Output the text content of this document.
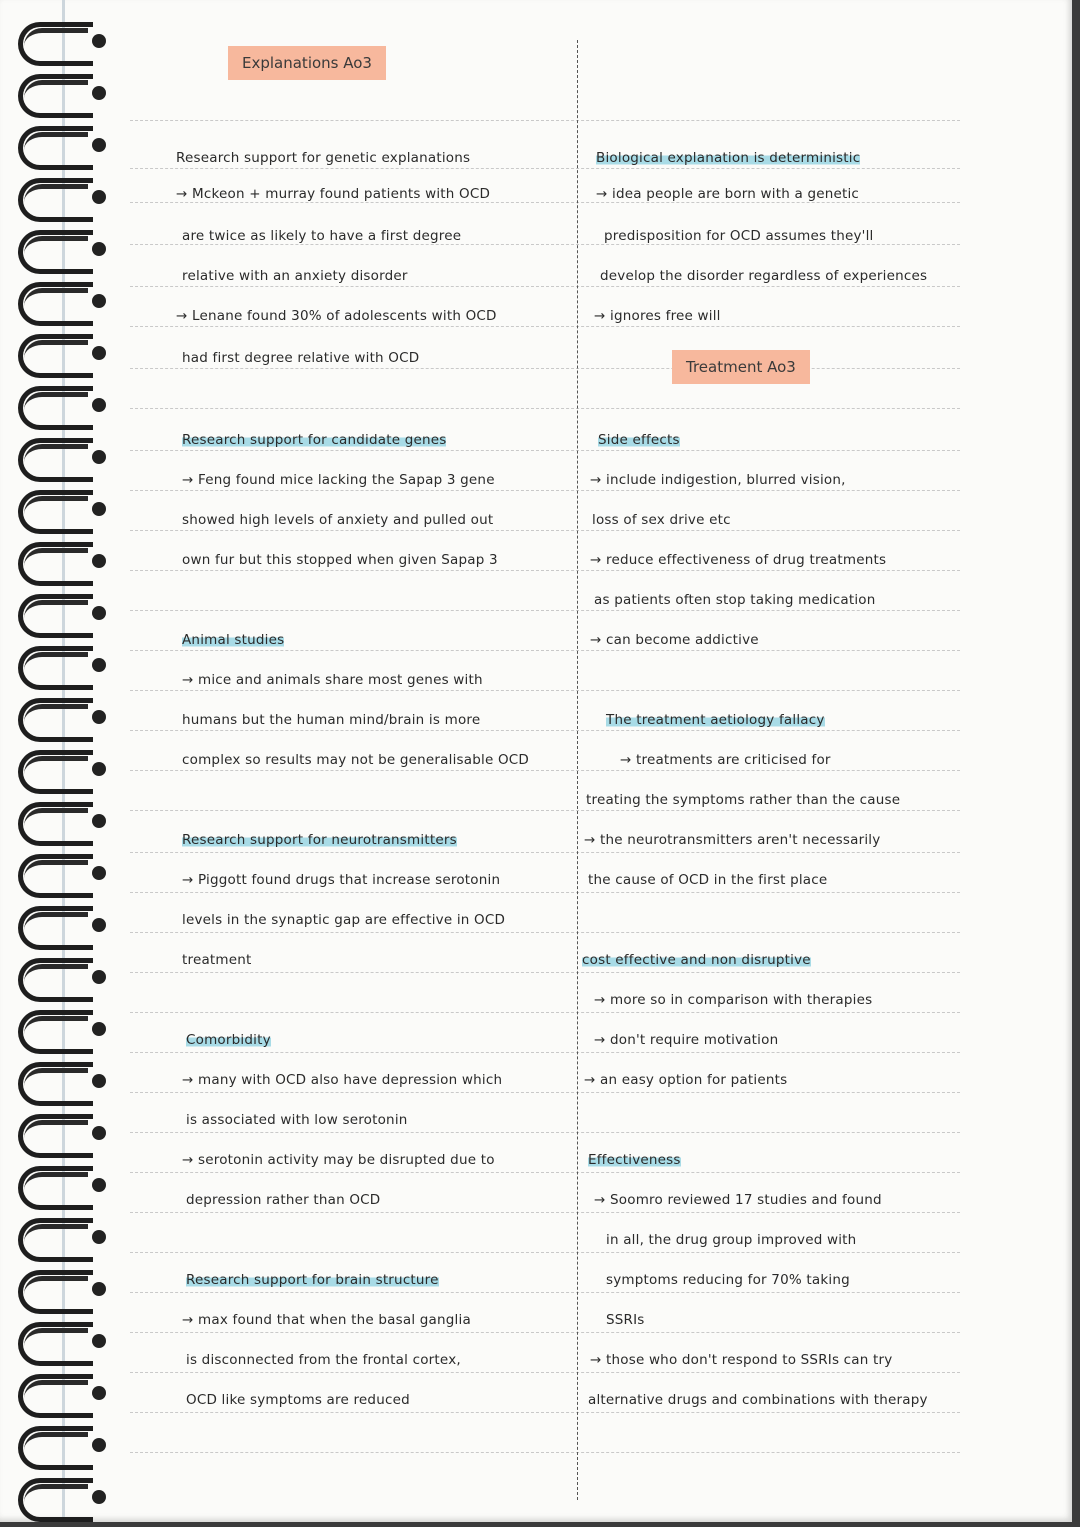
Explanations Ao3
Treatment Ao3
Research support for genetic explanations
→ Mckeon + murray found patients with OCD
are twice as likely to have a first degree
relative with an anxiety disorder
→ Lenane found 30% of adolescents with OCD
had first degree relative with OCD
Research support for candidate genes
→ Feng found mice lacking the Sapap 3 gene
showed high levels of anxiety and pulled out
own fur but this stopped when given Sapap 3
Animal studies
→ mice and animals share most genes with
humans but the human mind/brain is more
complex so results may not be generalisable OCD
Research support for neurotransmitters
→ Piggott found drugs that increase serotonin
levels in the synaptic gap are effective in OCD
treatment
Comorbidity
→ many with OCD also have depression which
is associated with low serotonin
→ serotonin activity may be disrupted due to
depression rather than OCD
Research support for brain structure
→ max found that when the basal ganglia
is disconnected from the frontal cortex,
OCD like symptoms are reduced
Biological explanation is deterministic
→ idea people are born with a genetic
predisposition for OCD assumes they'll
develop the disorder regardless of experiences
→ ignores free will
Side effects
→ include indigestion, blurred vision,
loss of sex drive etc
→ reduce effectiveness of drug treatments
as patients often stop taking medication
→ can become addictive
The treatment aetiology fallacy
→ treatments are criticised for
treating the symptoms rather than the cause
→ the neurotransmitters aren't necessarily
the cause of OCD in the first place
cost effective and non disruptive
→ more so in comparison with therapies
→ don't require motivation
→ an easy option for patients
Effectiveness
→ Soomro reviewed 17 studies and found
in all, the drug group improved with
symptoms reducing for 70% taking
SSRIs
→ those who don't respond to SSRIs can try
alternative drugs and combinations with therapy
